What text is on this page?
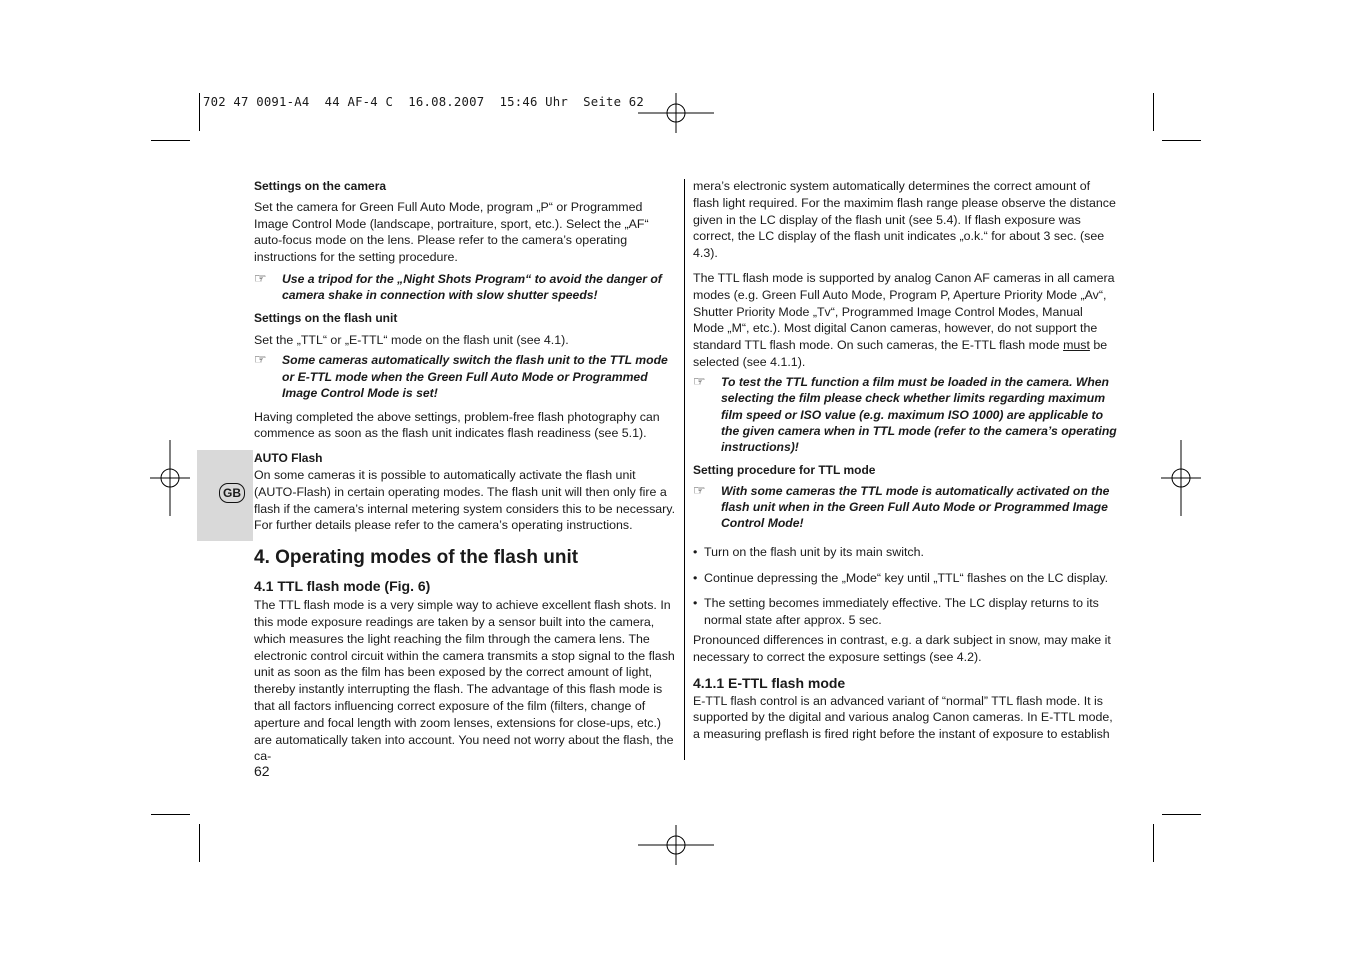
702 47 0091-A4  44 AF-4 C  16.08.2007  15:46 Uhr  Seite 62
GB

Settings on the camera

Set the camera for Green Full Auto Mode, program „P“ or Programmed Image Control Mode (landscape, portraiture, sport, etc.). Select the „AF“ auto-focus mode on the lens. Please refer to the camera’s operating instructions for the setting procedure.

☞ Use a tripod for the „Night Shots Program“ to avoid the danger of camera shake in connection with slow shutter speeds!

Settings on the flash unit

Set the „TTL“ or „E-TTL“ mode on the flash unit (see 4.1).

☞ Some cameras automatically switch the flash unit to the TTL mode or E-TTL mode when the Green Full Auto Mode or Programmed Image Control Mode is set!

Having completed the above settings, problem-free flash photography can commence as soon as the flash unit indicates flash readiness (see 5.1).

AUTO Flash

On some cameras it is possible to automatically activate the flash unit (AUTO-Flash) in certain operating modes. The flash unit will then only fire a flash if the camera’s internal metering system considers this to be necessary. For further details please refer to the camera’s operating instructions.

4. Operating modes of the flash unit

4.1 TTL flash mode (Fig. 6)

The TTL flash mode is a very simple way to achieve excellent flash shots. In this mode exposure readings are taken by a sensor built into the camera, which measures the light reaching the film through the camera lens. The electronic control circuit within the camera transmits a stop signal to the flash unit as soon as the film has been exposed by the correct amount of light, thereby instantly interrupting the flash. The advantage of this flash mode is that all factors influencing correct exposure of the film (filters, change of aperture and focal length with zoom lenses, extensions for close-ups, etc.) are automatically taken into account. You need not worry about the flash, the ca-

62

mera’s electronic system automatically determines the correct amount of flash light required. For the maximim flash range please observe the distance given in the LC display of the flash unit (see 5.4). If flash exposure was correct, the LC display of the flash unit indicates „o.k.“ for about 3 sec. (see 4.3).

The TTL flash mode is supported by analog Canon AF cameras in all camera modes (e.g. Green Full Auto Mode, Program P, Aperture Priority Mode „Av“, Shutter Priority Mode „Tv“, Programmed Image Control Modes, Manual Mode „M“, etc.). Most digital Canon cameras, however, do not support the standard TTL flash mode. On such cameras, the E-TTL flash mode must be selected (see 4.1.1).

☞ To test the TTL function a film must be loaded in the camera. When selecting the film please check whether limits regarding maximum film speed or ISO value (e.g. maximum ISO 1000) are applicable to the given camera when in TTL mode (refer to the camera’s operating instructions)!

Setting procedure for TTL mode

☞ With some cameras the TTL mode is automatically activated on the flash unit when in the Green Full Auto Mode or Programmed Image Control Mode!
• Turn on the flash unit by its main switch.
• Continue depressing the „Mode“ key until „TTL“ flashes on the LC display.
• The setting becomes immediately effective. The LC display returns to its normal state after approx. 5 sec.

Pronounced differences in contrast, e.g. a dark subject in snow, may make it necessary to correct the exposure settings (see 4.2).

4.1.1 E-TTL flash mode

E-TTL flash control is an advanced variant of “normal” TTL flash mode. It is supported by the digital and various analog Canon cameras. In E-TTL mode, a measuring preflash is fired right before the instant of exposure to establish
